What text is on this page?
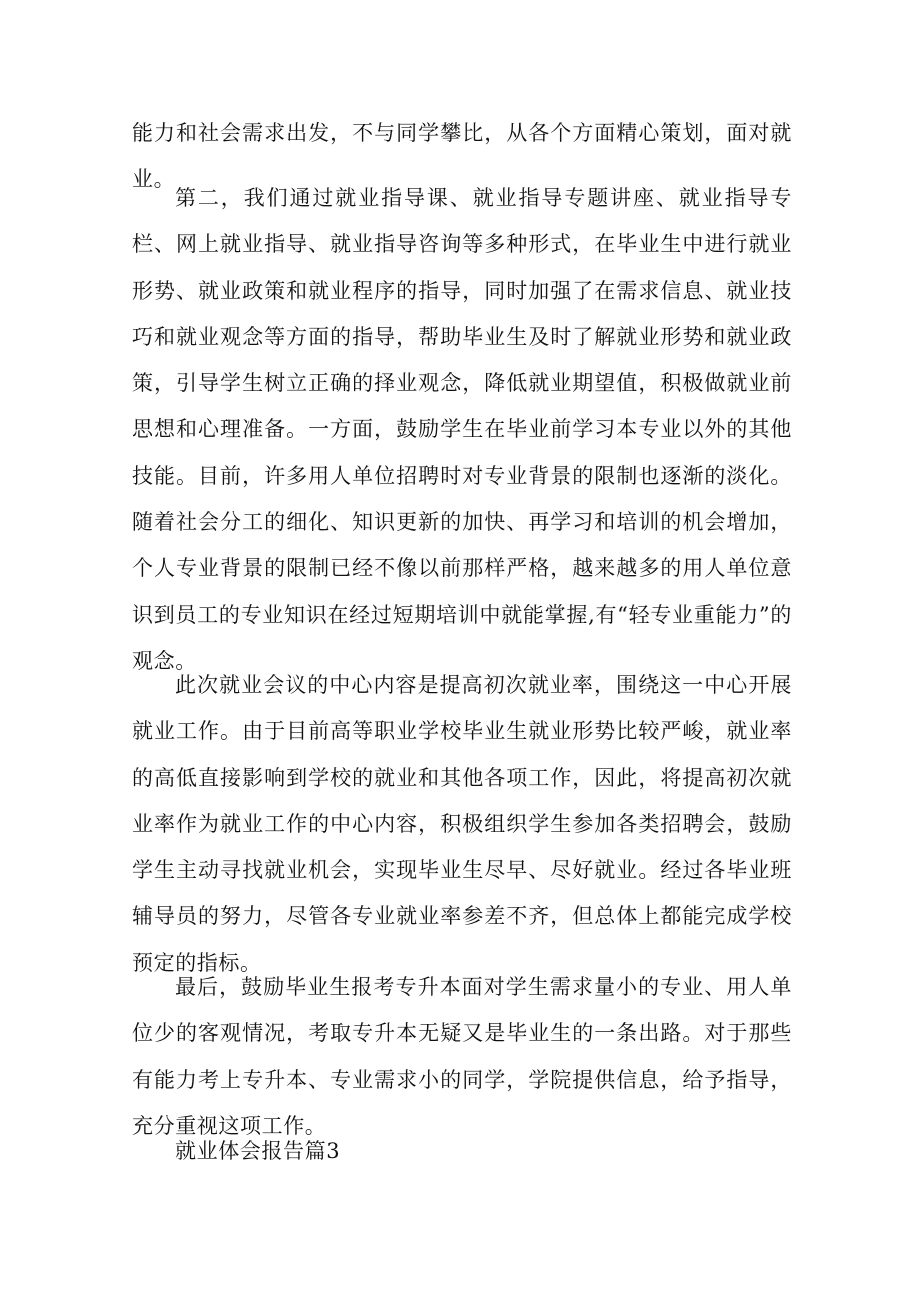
能力和社会需求出发，不与同学攀比，从各个方面精心策划，面对就业。

第二，我们通过就业指导课、就业指导专题讲座、就业指导专栏、网上就业指导、就业指导咨询等多种形式，在毕业生中进行就业形势、就业政策和就业程序的指导，同时加强了在需求信息、就业技巧和就业观念等方面的指导，帮助毕业生及时了解就业形势和就业政策，引导学生树立正确的择业观念，降低就业期望值，积极做就业前思想和心理准备。一方面，鼓励学生在毕业前学习本专业以外的其他技能。目前，许多用人单位招聘时对专业背景的限制也逐渐的淡化。随着社会分工的细化、知识更新的加快、再学习和培训的机会增加，个人专业背景的限制已经不像以前那样严格，越来越多的用人单位意识到员工的专业知识在经过短期培训中就能掌握,有“轻专业重能力”的观念。

此次就业会议的中心内容是提高初次就业率，围绕这一中心开展就业工作。由于目前高等职业学校毕业生就业形势比较严峻，就业率的高低直接影响到学校的就业和其他各项工作，因此，将提高初次就业率作为就业工作的中心内容，积极组织学生参加各类招聘会，鼓励学生主动寻找就业机会，实现毕业生尽早、尽好就业。经过各毕业班辅导员的努力，尽管各专业就业率参差不齐，但总体上都能完成学校预定的指标。

最后，鼓励毕业生报考专升本面对学生需求量小的专业、用人单位少的客观情况，考取专升本无疑又是毕业生的一条出路。对于那些有能力考上专升本、专业需求小的同学，学院提供信息，给予指导，充分重视这项工作。

就业体会报告篇3
